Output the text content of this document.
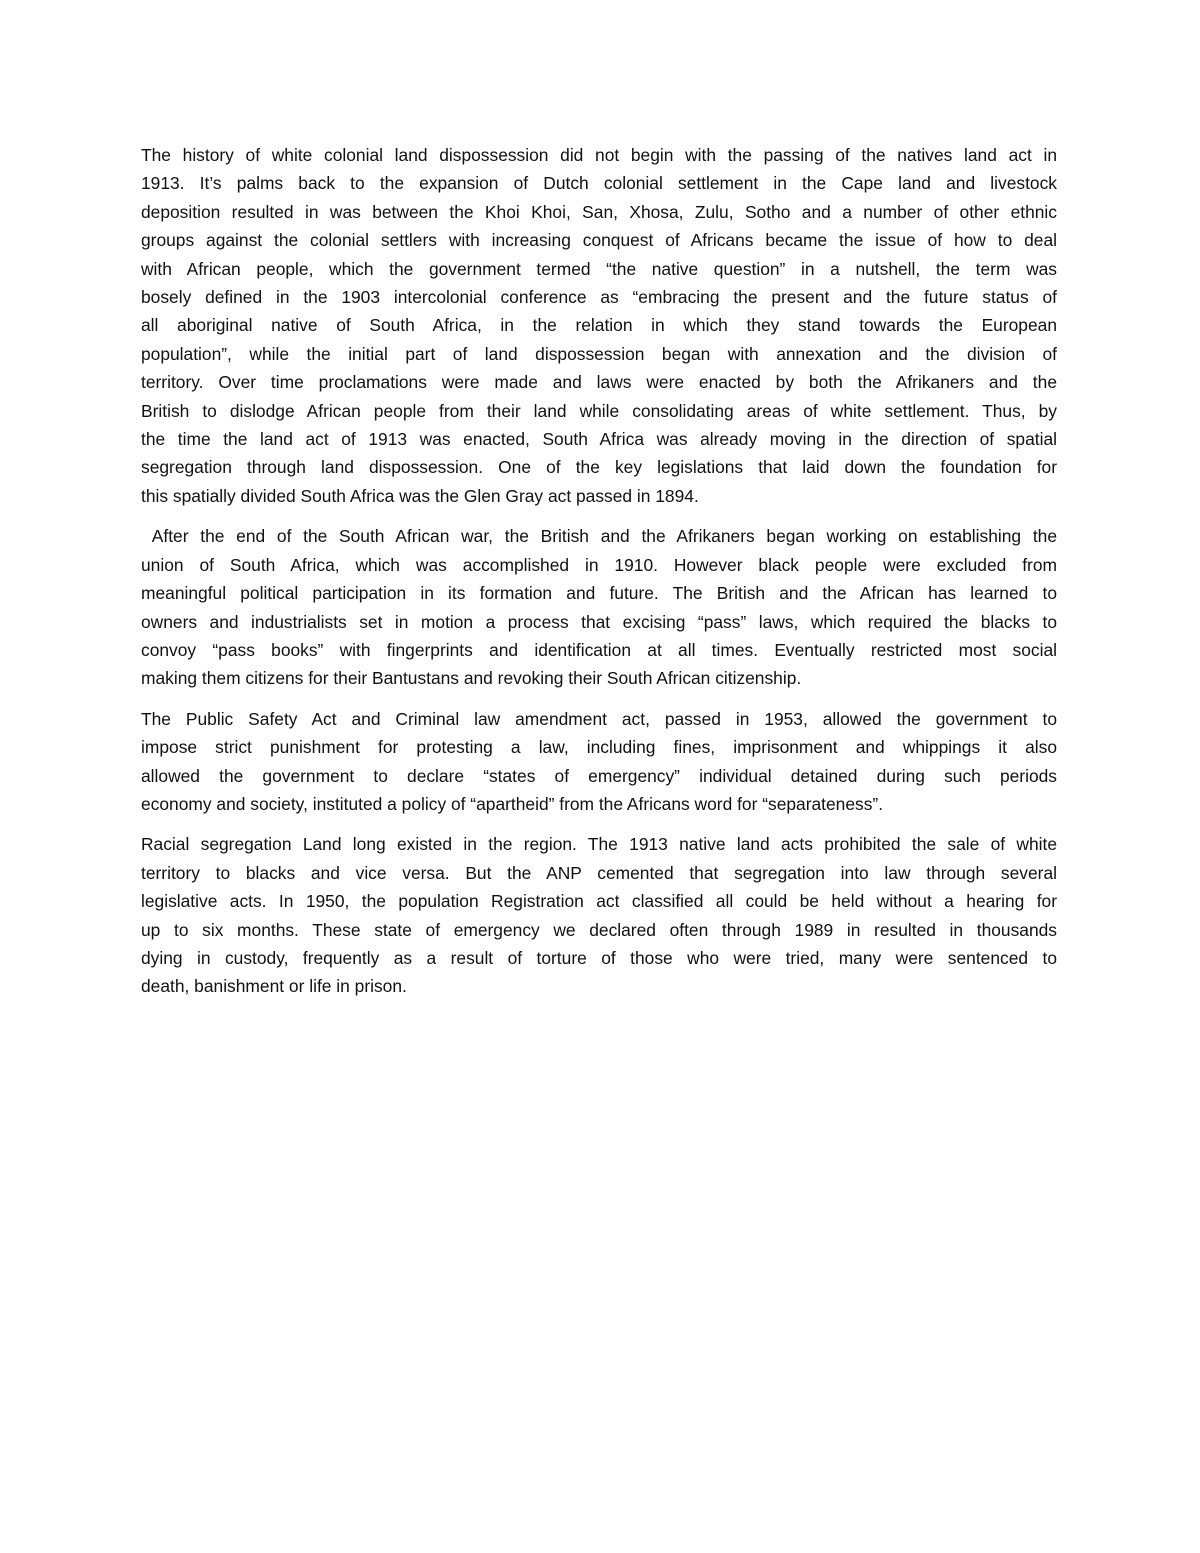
The history of white colonial land dispossession did not begin with the passing of the natives land act in
1913. It’s palms back to the expansion of Dutch colonial settlement in the Cape land and livestock
deposition resulted in was between the Khoi Khoi, San, Xhosa, Zulu, Sotho and a number of other ethnic
groups against the colonial settlers with increasing conquest of Africans became the issue of how to deal
with African people, which the government termed “the native question” in a nutshell, the term was
bosely defined in the 1903 intercolonial conference as “embracing the present and the future status of
all aboriginal native of South Africa, in the relation in which they stand towards the European
population”, while the initial part of land dispossession began with annexation and the division of
territory. Over time proclamations were made and laws were enacted by both the Afrikaners and the
British to dislodge African people from their land while consolidating areas of white settlement. Thus, by
the time the land act of 1913 was enacted, South Africa was already moving in the direction of spatial
segregation through land dispossession. One of the key legislations that laid down the foundation for
this spatially divided South Africa was the Glen Gray act passed in 1894.

After the end of the South African war, the British and the Afrikaners began working on establishing the
union of South Africa, which was accomplished in 1910. However black people were excluded from
meaningful political participation in its formation and future. The British and the African has learned to
owners and industrialists set in motion a process that excising “pass” laws, which required the blacks to
convoy “pass books” with fingerprints and identification at all times. Eventually restricted most social
making them citizens for their Bantustans and revoking their South African citizenship.

The Public Safety Act and Criminal law amendment act, passed in 1953, allowed the government to
impose strict punishment for protesting a law, including fines, imprisonment and whippings it also
allowed the government to declare “states of emergency” individual detained during such periods
economy and society, instituted a policy of “apartheid” from the Africans word for “separateness”.

Racial segregation Land long existed in the region. The 1913 native land acts prohibited the sale of white
territory to blacks and vice versa. But the ANP cemented that segregation into law through several
legislative acts. In 1950, the population Registration act classified all could be held without a hearing for
up to six months. These state of emergency we declared often through 1989 in resulted in thousands
dying in custody, frequently as a result of torture of those who were tried, many were sentenced to
death, banishment or life in prison.
